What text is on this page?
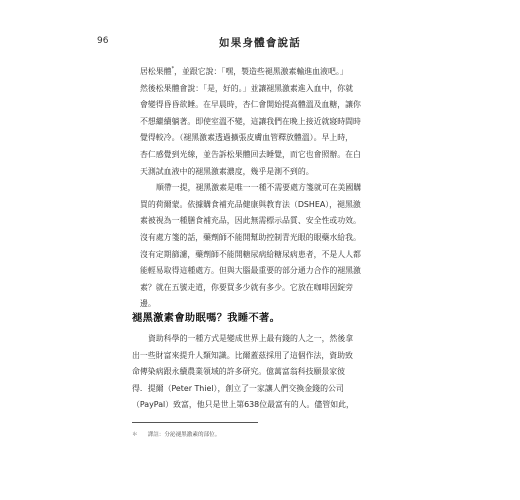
96	如果身體會說話
居松果體*，並跟它說：「嘿，製造些褪黑激素輸進血液吧。」
然後松果體會說：「是，好的。」並讓褪黑激素進入血中，你就
會變得昏昏欲睡。在早晨時，杏仁會開始提高體溫及血糖，讓你
不想繼續躺著。即使室溫不變，這讓我們在晚上接近就寢時間時
覺得較冷。（褪黑激素透過擴張皮膚血管釋放體溫）。早上時，
杏仁感覺到光線，並告訴松果體回去睡覺，而它也會照辦。在白
天測試血液中的褪黑激素濃度，幾乎是測不到的。
順帶一提，褪黑激素是唯一一種不需要處方箋就可在美國購
買的荷爾蒙。依據購食補充品健康與教育法（DSHEA），褪黑激
素被視為一種膳食補充品，因此無需標示品質、安全性或功效。
沒有處方箋的話，藥劑師不能開幫助控制青光眼的眼藥水給我。
沒有定期篩濾，藥劑師不能開糖尿病給糖尿病患者，不是人人都
能輕易取得這種處方。但與大腦最重要的部分通力合作的褪黑激
素？就在五號走道，你要買多少就有多少。它放在咖啡因錠旁
邊。
褪黑激素會助眠嗎？我睡不著。
資助科學的一種方式是變成世界上最有錢的人之一，然後拿
出一些財富來提升人類知識。比爾蓋茲採用了這個作法，資助致
命傳染病跟永續農業領域的許多研究。億萬富翁科技願景家彼
得．提爾（Peter Thiel），創立了一家讓人們交換金錢的公司
（PayPal）致富，他只是世上第638位最富有的人。儘管如此，
＊ 譯註：分泌褪黑激素的部位。
